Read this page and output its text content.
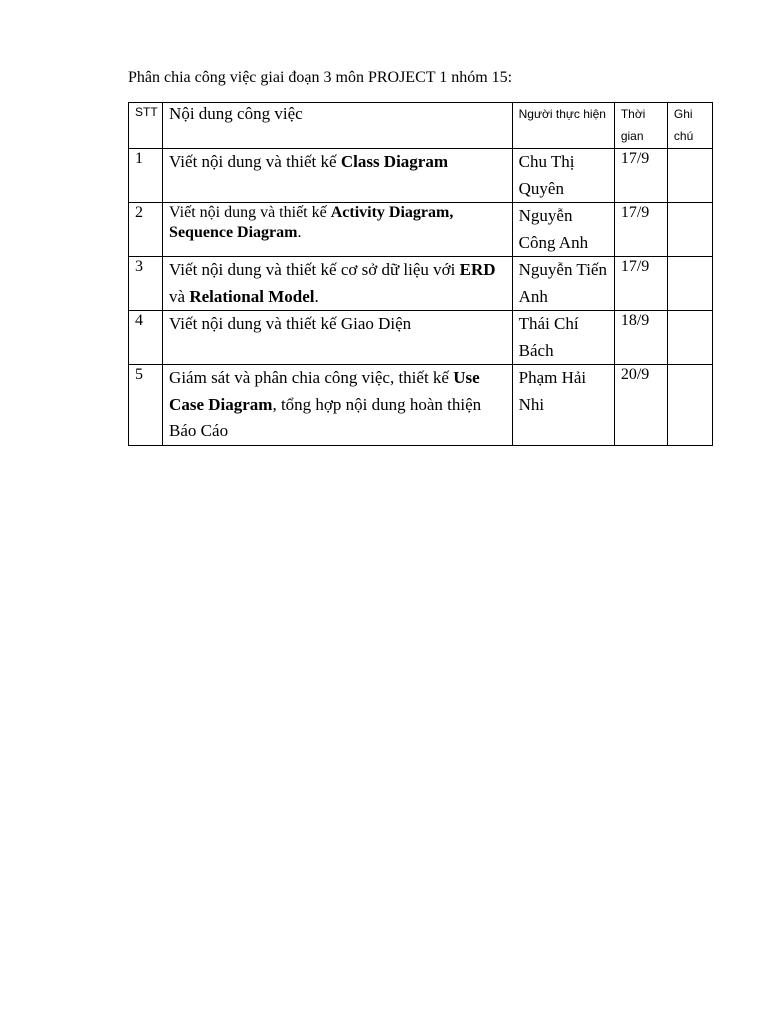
Phân chia công việc giai đoạn 3 môn PROJECT 1 nhóm 15:
STT	Nội dung công việc	Người thực hiện	Thời gian	Ghi chú
1	Viết nội dung và thiết kế Class Diagram	Chu Thị Quyên	17/9	
2	Viết nội dung và thiết kế Activity Diagram, Sequence Diagram.	Nguyễn Công Anh	17/9	
3	Viết nội dung và thiết kế cơ sở dữ liệu với ERD và Relational Model.	Nguyễn Tiến Anh	17/9	
4	Viết nội dung và thiết kế Giao Diện	Thái Chí Bách	18/9	
5	Giám sát và phân chia công việc, thiết kế Use Case Diagram, tổng hợp nội dung hoàn thiện Báo Cáo	Phạm Hải Nhi	20/9	
